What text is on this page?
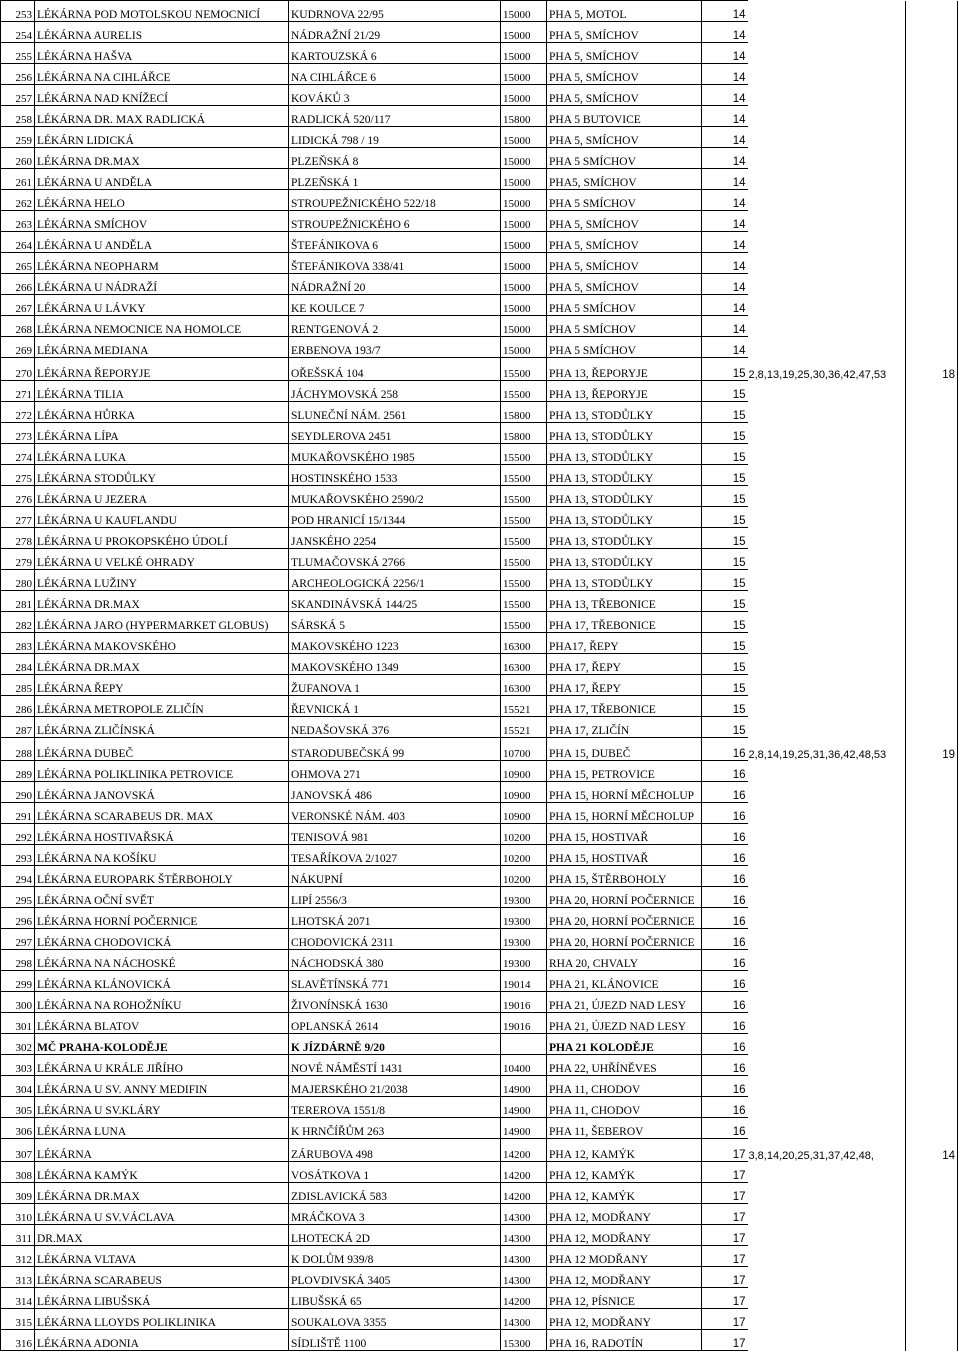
253	LÉKÁRNA POD MOTOLSKOU NEMOCNICÍ	KUDRNOVA 22/95	15000	PHA 5, MOTOL	14		
254	LÉKÁRNA AURELIS	NÁDRAŽNÍ 21/29	15000	PHA 5, SMÍCHOV	14		
255	LÉKÁRNA HAŠVA	KARTOUZSKÁ 6	15000	PHA 5, SMÍCHOV	14		
256	LÉKÁRNA NA CIHLÁŘCE	NA CIHLÁŘCE 6	15000	PHA 5, SMÍCHOV	14		
257	LÉKÁRNA NAD KNÍŽECÍ	KOVÁKŮ 3	15000	PHA 5, SMÍCHOV	14		
258	LÉKÁRNA DR. MAX RADLICKÁ	RADLICKÁ 520/117	15800	PHA 5 BUTOVICE	14		
259	LÉKÁRN LIDICKÁ	LIDICKÁ 798 / 19	15000	PHA 5, SMÍCHOV	14		
260	LÉKÁRNA DR.MAX	PLZEŇSKÁ 8	15000	PHA 5 SMÍCHOV	14		
261	LÉKÁRNA U ANDĚLA	PLZEŇSKÁ 1	15000	PHA5, SMÍCHOV	14		
262	LÉKÁRNA HELO	STROUPEŽNICKÉHO 522/18	15000	PHA 5 SMÍCHOV	14		
263	LÉKÁRNA SMÍCHOV	STROUPEŽNICKÉHO 6	15000	PHA 5, SMÍCHOV	14		
264	LÉKÁRNA U ANDĚLA	ŠTEFÁNIKOVA 6	15000	PHA 5, SMÍCHOV	14		
265	LÉKÁRNA NEOPHARM	ŠTEFÁNIKOVA 338/41	15000	PHA 5, SMÍCHOV	14		
266	LÉKÁRNA U NÁDRAŽÍ	NÁDRAŽNÍ 20	15000	PHA 5, SMÍCHOV	14		
267	LÉKÁRNA U LÁVKY	KE KOULCE 7	15000	PHA 5 SMÍCHOV	14		
268	LÉKÁRNA NEMOCNICE NA HOMOLCE	RENTGENOVÁ 2	15000	PHA 5 SMÍCHOV	14		
269	LÉKÁRNA MEDIANA	ERBENOVA 193/7	15000	PHA 5 SMÍCHOV	14		
270	LÉKÁRNA ŘEPORYJE	OŘEŠSKÁ 104	15500	PHA 13, ŘEPORYJE	15	2,8,13,19,25,30,36,42,47,53	18
271	LÉKÁRNA TILIA	JÁCHYMOVSKÁ 258	15500	PHA 13, ŘEPORYJE	15		
272	LÉKÁRNA HŮRKA	SLUNEČNÍ NÁM. 2561	15800	PHA 13, STODŮLKY	15		
273	LÉKÁRNA LÍPA	SEYDLEROVA 2451	15800	PHA 13, STODŮLKY	15		
274	LÉKÁRNA LUKA	MUKAŘOVSKÉHO 1985	15500	PHA 13, STODŮLKY	15		
275	LÉKÁRNA STODŮLKY	HOSTINSKÉHO 1533	15500	PHA 13, STODŮLKY	15		
276	LÉKÁRNA U JEZERA	MUKAŘOVSKÉHO 2590/2	15500	PHA 13, STODŮLKY	15		
277	LÉKÁRNA U KAUFLANDU	POD HRANICÍ 15/1344	15500	PHA 13, STODŮLKY	15		
278	LÉKÁRNA U PROKOPSKÉHO ÚDOLÍ	JANSKÉHO 2254	15500	PHA 13, STODŮLKY	15		
279	LÉKÁRNA U VELKÉ OHRADY	TLUMAČOVSKÁ 2766	15500	PHA 13, STODŮLKY	15		
280	LÉKÁRNA LUŽINY	ARCHEOLOGICKÁ 2256/1	15500	PHA 13, STODŮLKY	15		
281	LÉKÁRNA DR.MAX	SKANDINÁVSKÁ 144/25	15500	PHA 13, TŘEBONICE	15		
282	LÉKÁRNA JARO (HYPERMARKET GLOBUS)	SÁRSKÁ 5	15500	PHA 17, TŘEBONICE	15		
283	LÉKÁRNA MAKOVSKÉHO	MAKOVSKÉHO 1223	16300	PHA17, ŘEPY	15		
284	LÉKÁRNA DR.MAX	MAKOVSKÉHO 1349	16300	PHA 17, ŘEPY	15		
285	LÉKÁRNA ŘEPY	ŽUFANOVA 1	16300	PHA 17, ŘEPY	15		
286	LÉKÁRNA METROPOLE ZLIČÍN	ŘEVNICKÁ 1	15521	PHA 17, TŘEBONICE	15		
287	LÉKÁRNA ZLIČÍNSKÁ	NEDAŠOVSKÁ 376	15521	PHA 17, ZLIČÍN	15		
288	LÉKÁRNA DUBEČ	STARODUBEČSKÁ 99	10700	PHA 15, DUBEČ	16	2,8,14,19,25,31,36,42,48,53	19
289	LÉKÁRNA POLIKLINIKA PETROVICE	OHMOVA 271	10900	PHA 15, PETROVICE	16		
290	LÉKÁRNA JANOVSKÁ	JANOVSKÁ 486	10900	PHA 15, HORNÍ MĚCHOLUP	16		
291	LÉKÁRNA SCARABEUS DR. MAX	VERONSKÉ NÁM. 403	10900	PHA 15, HORNÍ MĚCHOLUP	16		
292	LÉKÁRNA HOSTIVAŘSKÁ	TENISOVÁ 981	10200	PHA 15, HOSTIVAŘ	16		
293	LÉKÁRNA NA KOŠÍKU	TESAŘÍKOVA 2/1027	10200	PHA 15, HOSTIVAŘ	16		
294	LÉKÁRNA EUROPARK ŠTĚRBOHOLY	NÁKUPNÍ	10200	PHA 15, ŠTĚRBOHOLY	16		
295	LÉKÁRNA OČNÍ SVĚT	LIPÍ 2556/3	19300	PHA 20, HORNÍ POČERNICE	16		
296	LÉKÁRNA HORNÍ POČERNICE	LHOTSKÁ 2071	19300	PHA 20, HORNÍ POČERNICE	16		
297	LÉKÁRNA CHODOVICKÁ	CHODOVICKÁ 2311	19300	PHA 20, HORNÍ POČERNICE	16		
298	LÉKÁRNA NA NÁCHOSKÉ	NÁCHODSKÁ 380	19300	RHA 20, CHVALY	16		
299	LÉKÁRNA KLÁNOVICKÁ	SLAVĚTÍNSKÁ 771	19014	PHA 21, KLÁNOVICE	16		
300	LÉKÁRNA NA ROHOŽNÍKU	ŽIVONÍNSKÁ 1630	19016	PHA 21, ÚJEZD NAD LESY	16		
301	LÉKÁRNA BLATOV	OPLANSKÁ 2614	19016	PHA 21, ÚJEZD NAD LESY	16		
302	MČ PRAHA-KOLODĚJE	K JÍZDÁRNĚ 9/20		PHA 21 KOLODĚJE	16		
303	LÉKÁRNA U KRÁLE JIŘÍHO	NOVÉ NÁMĚSTÍ 1431	10400	PHA 22, UHŘÍNĚVES	16		
304	LÉKÁRNA U SV. ANNY MEDIFIN	MAJERSKÉHO 21/2038	14900	PHA 11, CHODOV	16		
305	LÉKÁRNA U SV.KLÁRY	TEREROVA 1551/8	14900	PHA 11, CHODOV	16		
306	LÉKÁRNA LUNA	K HRNČÍŘŮM 263	14900	PHA 11, ŠEBEROV	16		
307	LÉKÁRNA	ZÁRUBOVA 498	14200	PHA 12, KAMÝK	17	3,8,14,20,25,31,37,42,48,	14
308	LÉKÁRNA KAMÝK	VOSÁTKOVA 1	14200	PHA 12, KAMÝK	17		
309	LÉKÁRNA DR.MAX	ZDISLAVICKÁ 583	14200	PHA 12, KAMÝK	17		
310	LÉKÁRNA U SV.VÁCLAVA	MRÁČKOVA 3	14300	PHA 12, MODŘANY	17		
311	DR.MAX	LHOTECKÁ 2D	14300	PHA 12, MODŘANY	17		
312	LÉKÁRNA VLTAVA	K DOLŮM 939/8	14300	PHA 12 MODŘANY	17		
313	LÉKÁRNA SCARABEUS	PLOVDIVSKÁ 3405	14300	PHA 12, MODŘANY	17		
314	LÉKÁRNA LIBUŠSKÁ	LIBUŠSKÁ 65	14200	PHA 12, PÍSNICE	17		
315	LÉKÁRNA LLOYDS POLIKLINIKA	SOUKALOVA 3355	14300	PHA 12, MODŘANY	17		
316	LÉKÁRNA ADONIA	SÍDLIŠTĚ 1100	15300	PHA 16, RADOTÍN	17		
